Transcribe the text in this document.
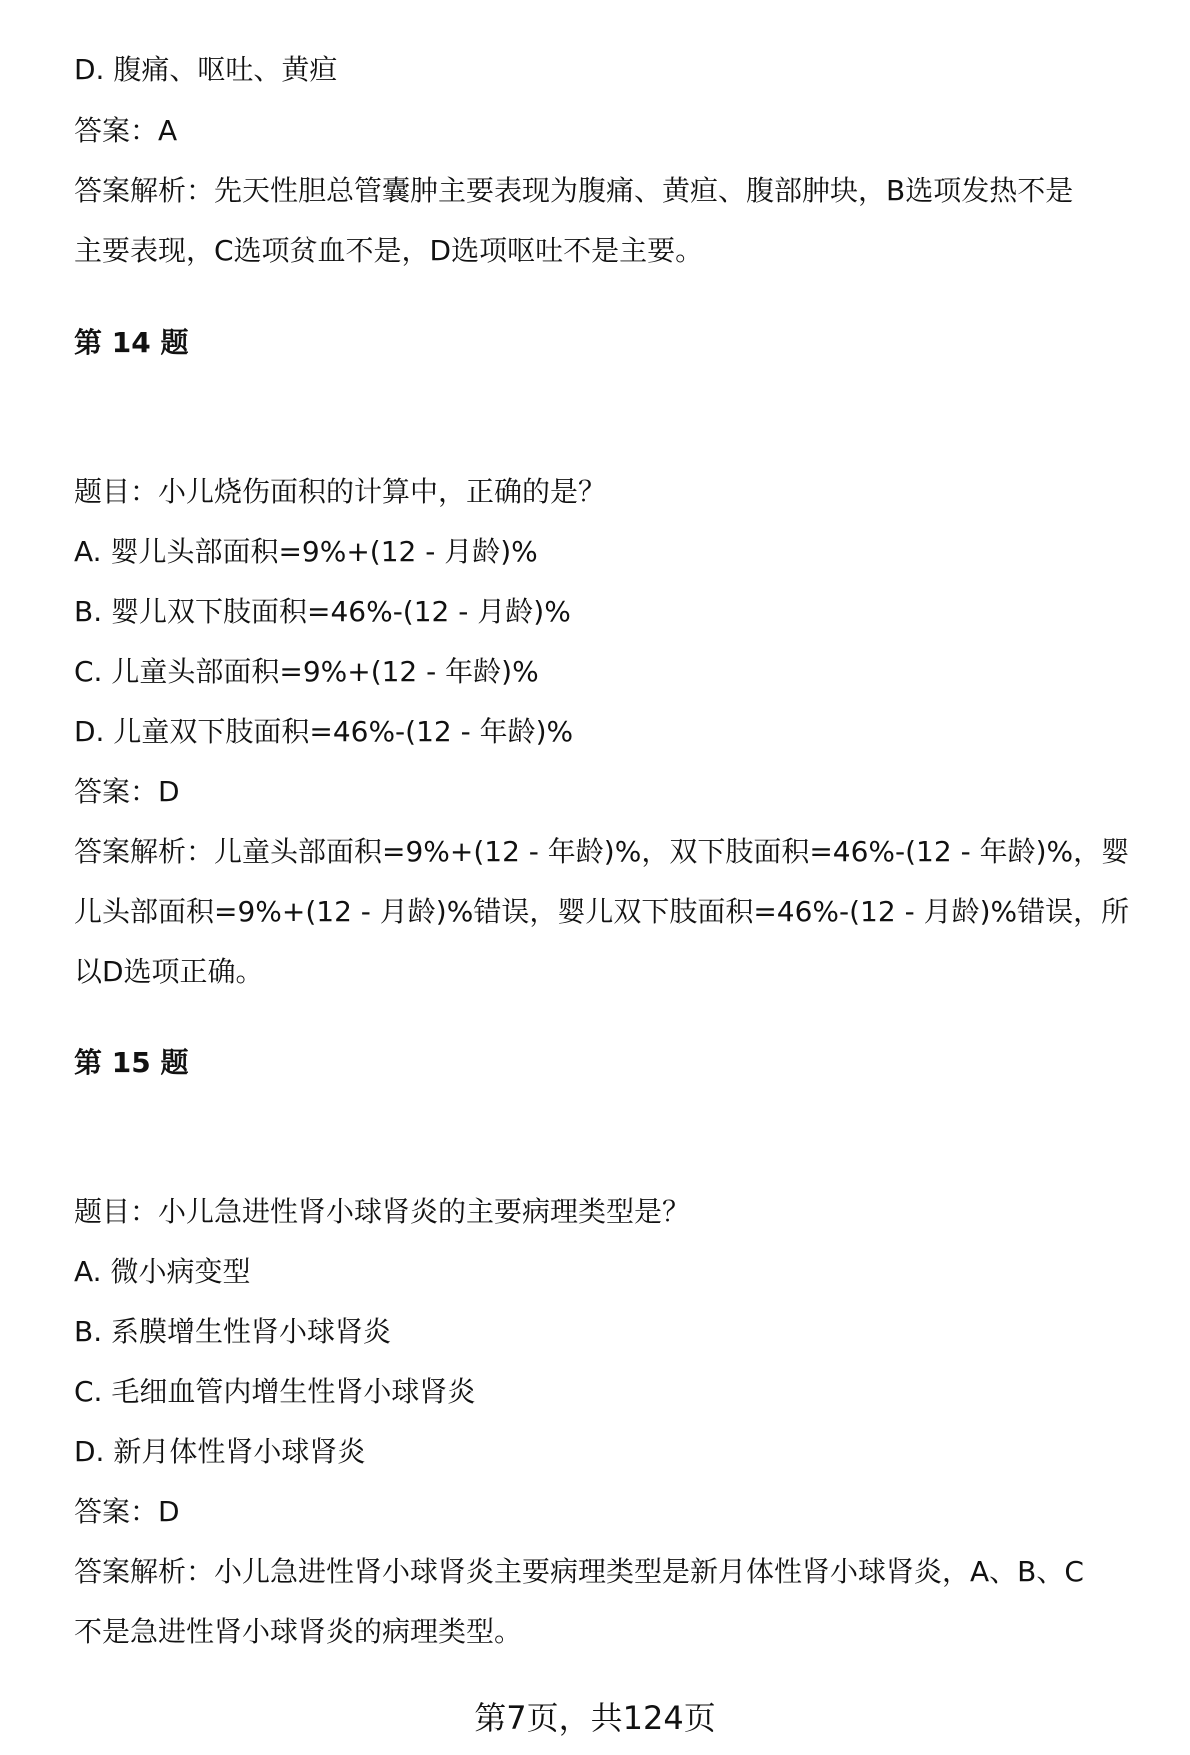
D. 腹痛、呕吐、黄疸

答案：A

答案解析：先天性胆总管囊肿主要表现为腹痛、黄疸、腹部肿块，B选项发热不是

主要表现，C选项贫血不是，D选项呕吐不是主要。

第 14 题

题目：小儿烧伤面积的计算中，正确的是？

A. 婴儿头部面积=9%+(12 - 月龄)%

B. 婴儿双下肢面积=46%-(12 - 月龄)%

C. 儿童头部面积=9%+(12 - 年龄)%

D. 儿童双下肢面积=46%-(12 - 年龄)%

答案：D

答案解析：儿童头部面积=9%+(12 - 年龄)%，双下肢面积=46%-(12 - 年龄)%，婴

儿头部面积=9%+(12 - 月龄)%错误，婴儿双下肢面积=46%-(12 - 月龄)%错误，所

以D选项正确。

第 15 题

题目：小儿急进性肾小球肾炎的主要病理类型是？

A. 微小病变型

B. 系膜增生性肾小球肾炎

C. 毛细血管内增生性肾小球肾炎

D. 新月体性肾小球肾炎

答案：D

答案解析：小儿急进性肾小球肾炎主要病理类型是新月体性肾小球肾炎，A、B、C

不是急进性肾小球肾炎的病理类型。

第7页，共124页
